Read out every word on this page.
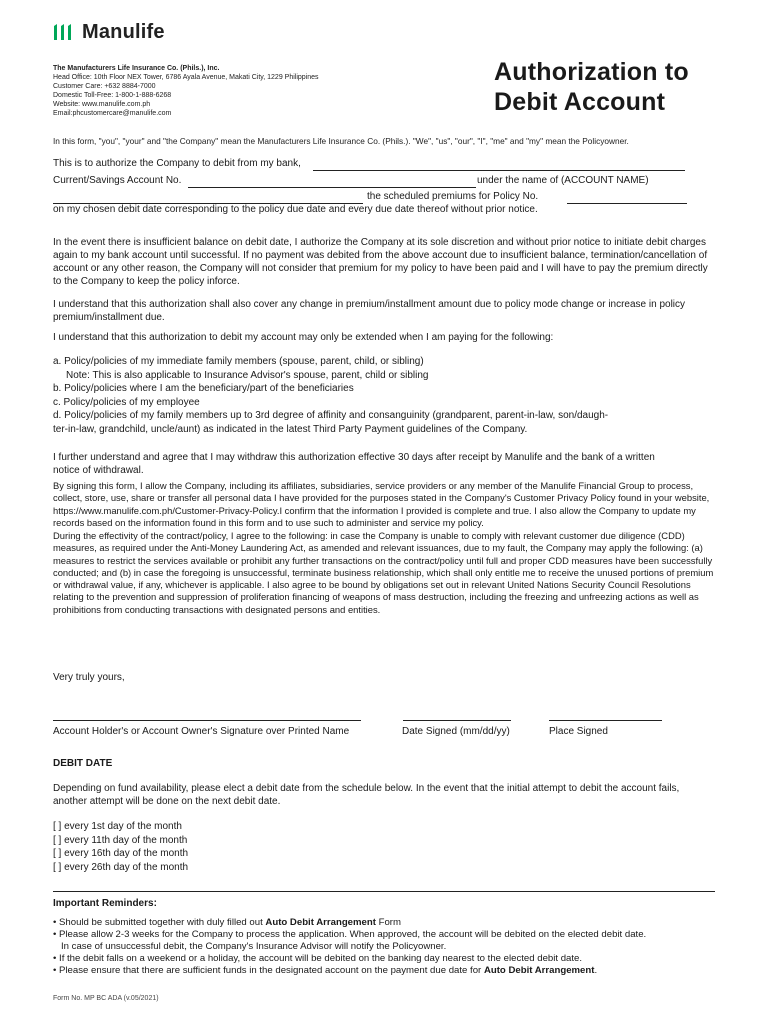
Manulife
The Manufacturers Life Insurance Co. (Phils.), Inc.
Head Office: 10th Floor NEX Tower, 6786 Ayala Avenue, Makati City, 1229 Philippines
Customer Care: +632 8884-7000
Domestic Toll-Free: 1-800-1-888-6268
Website: www.manulife.com.ph
Email:phcustomercare@manulife.com
Authorization to
Debit Account
In this form, "you", "your" and "the Company" mean the Manufacturers Life Insurance Co. (Phils.). "We", "us", "our", "I", "me" and "my" mean the Policyowner.
This is to authorize the Company to debit from my bank,
Current/Savings Account No.	under the name of (ACCOUNT NAME)
the scheduled premiums for Policy No.
on my chosen debit date corresponding to the policy due date and every due date thereof without prior notice.
In the event there is insufficient balance on debit date, I authorize the Company at its sole discretion and without prior notice to initiate debit charges again to my bank account until successful. If no payment was debited from the above account due to insufficient balance, termination/cancellation of account or any other reason, the Company will not consider that premium for my policy to have been paid and I will have to pay the premium directly to the Company to keep the policy inforce.
I understand that this authorization shall also cover any change in premium/installment amount due to policy mode change or increase in policy premium/installment due.
I understand that this authorization to debit my account may only be extended when I am paying for the following:
a. Policy/policies of my immediate family members (spouse, parent, child, or sibling)
Note: This is also applicable to Insurance Advisor's spouse, parent, child or sibling
b. Policy/policies where I am the beneficiary/part of the beneficiaries
c. Policy/policies of my employee
d. Policy/policies of my family members up to 3rd degree of affinity and consanguinity (grandparent, parent-in-law, son/daugh-
ter-in-law, grandchild, uncle/aunt) as indicated in the latest Third Party Payment guidelines of the Company.
I further understand and agree that I may withdraw this authorization effective 30 days after receipt by Manulife and the bank of a written notice of withdrawal.
By signing this form, I allow the Company, including its affiliates, subsidiaries, service providers or any member of the Manulife Financial Group to process, collect, store, use, share or transfer all personal data I have provided for the purposes stated in the Company's Customer Privacy Policy found in your website, https://www.manulife.com.ph/Customer-Privacy-Policy.I confirm that the information I provided is complete and true. I also allow the Company to update my records based on the information found in this form and to use such to administer and service my policy.
During the effectivity of the contract/policy, I agree to the following: in case the Company is unable to comply with relevant customer due diligence (CDD) measures, as required under the Anti-Money Laundering Act, as amended and relevant issuances, due to my fault, the Company may apply the following: (a) measures to restrict the services available or prohibit any further transactions on the contract/policy until full and proper CDD measures have been successfully conducted; and (b) in case the foregoing is unsuccessful, terminate business relationship, which shall only entitle me to receive the unused portions of premium or withdrawal value, if any, whichever is applicable. I also agree to be bound by obligations set out in relevant United Nations Security Council Resolutions relating to the prevention and suppression of proliferation financing of weapons of mass destruction, including the freezing and unfreezing actions as well as prohibitions from conducting transactions with designated persons and entities.
Very truly yours,
Account Holder's or Account Owner's Signature over Printed Name	Date Signed (mm/dd/yy)	Place Signed
DEBIT DATE
Depending on fund availability, please elect a debit date from the schedule below. In the event that the initial attempt to debit the account fails, another attempt will be done on the next debit date.
[ ] every 1st day of the month
[ ] every 11th day of the month
[ ] every 16th day of the month
[ ] every 26th day of the month
Important Reminders:
• Should be submitted together with duly filled out Auto Debit Arrangement Form
• Please allow 2-3 weeks for the Company to process the application. When approved, the account will be debited on the elected debit date.
In case of unsuccessful debit, the Company's Insurance Advisor will notify the Policyowner.
• If the debit falls on a weekend or a holiday, the account will be debited on the banking day nearest to the elected debit date.
• Please ensure that there are sufficient funds in the designated account on the payment due date for Auto Debit Arrangement.
Form No. MP BC ADA (v.05/2021)
